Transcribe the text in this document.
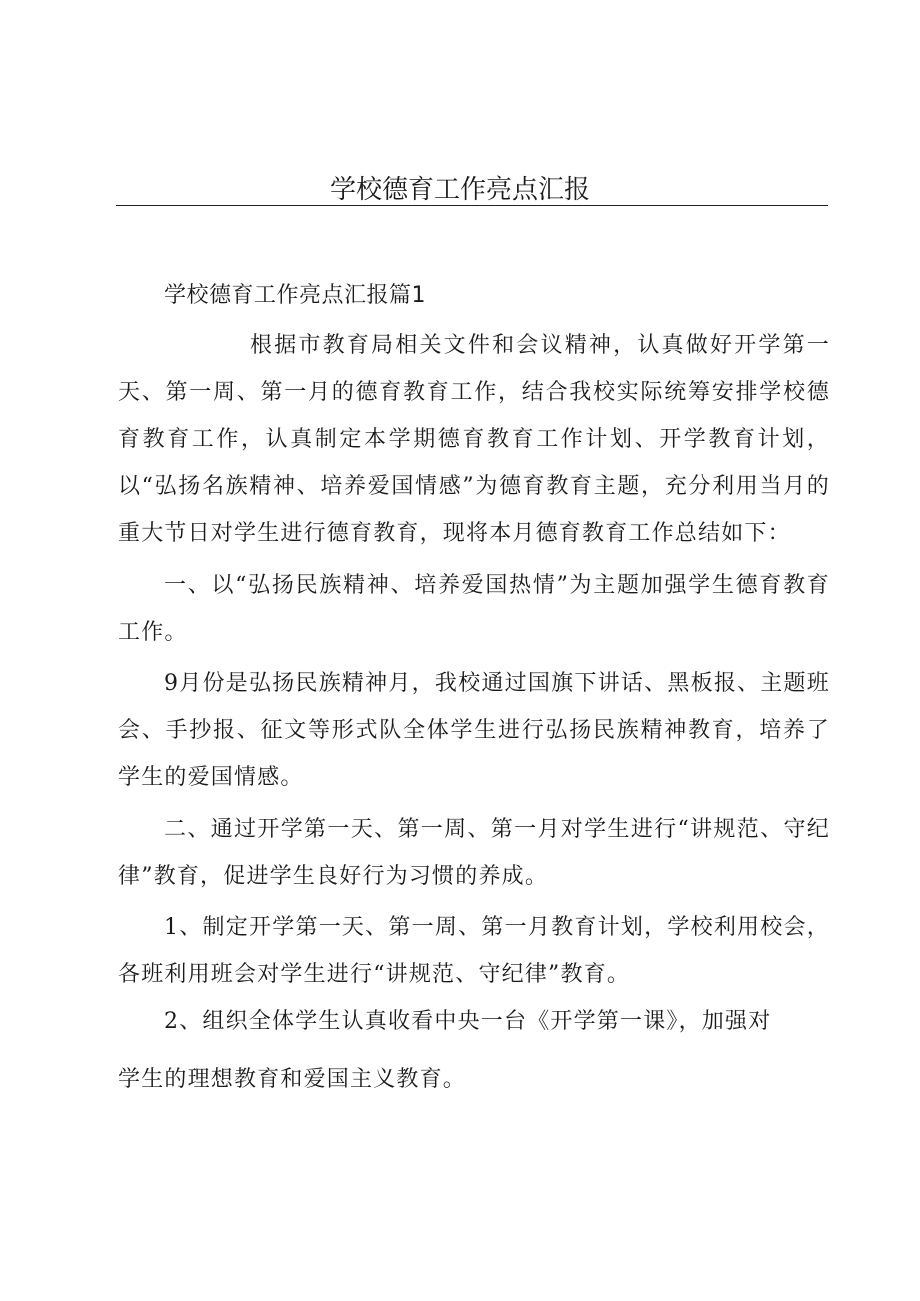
学校德育工作亮点汇报
学校德育工作亮点汇报篇1

根据市教育局相关文件和会议精神，认真做好开学第一天、第一周、第一月的德育教育工作，结合我校实际统筹安排学校德育教育工作，认真制定本学期德育教育工作计划、开学教育计划，以“弘扬名族精神、培养爱国情感”为德育教育主题，充分利用当月的重大节日对学生进行德育教育，现将本月德育教育工作总结如下：

一、以“弘扬民族精神、培养爱国热情”为主题加强学生德育教育工作。

9月份是弘扬民族精神月，我校通过国旗下讲话、黑板报、主题班会、手抄报、征文等形式队全体学生进行弘扬民族精神教育，培养了学生的爱国情感。

二、通过开学第一天、第一周、第一月对学生进行“讲规范、守纪律”教育，促进学生良好行为习惯的养成。

1、制定开学第一天、第一周、第一月教育计划，学校利用校会，各班利用班会对学生进行“讲规范、守纪律”教育。

2、组织全体学生认真收看中央一台《开学第一课》，加强对
学生的理想教育和爱国主义教育。
